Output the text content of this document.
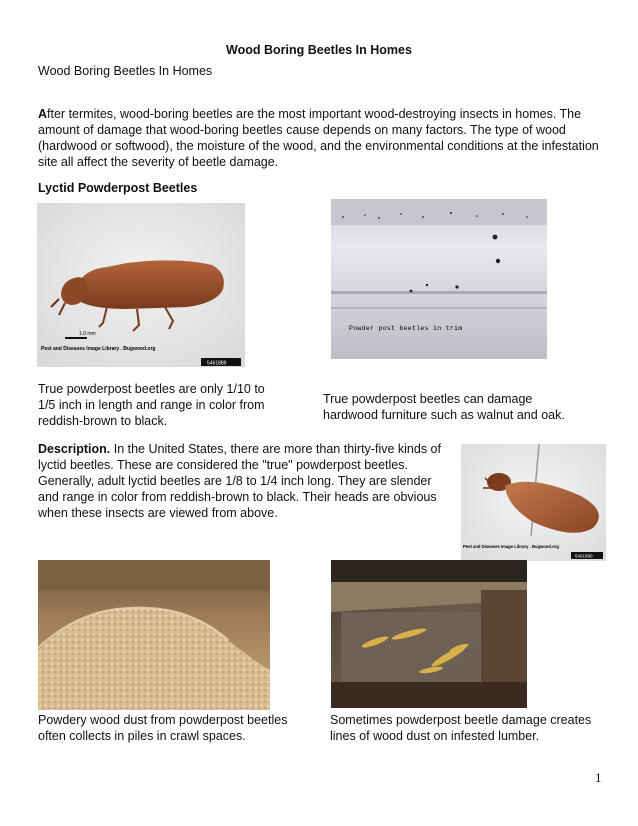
Wood Boring Beetles In Homes
Wood Boring Beetles In Homes
After termites, wood-boring beetles are the most important wood-destroying insects in homes. The amount of damage that wood-boring beetles cause depends on many factors. The type of wood (hardwood or softwood), the moisture of the wood, and the environmental conditions at the infestation site all affect the severity of beetle damage.
Lyctid Powderpost Beetles
1.0 mm
Pest and Diseases Image Library . Bugwood.org
5461889
True powderpost beetles are only 1/10 to 1/5 inch in length and range in color from reddish-brown to black.
Powder post beetles in trim
True powderpost beetles can damage hardwood furniture such as walnut and oak.
Description. In the United States, there are more than thirty-five kinds of lyctid beetles. These are considered the "true" powderpost beetles. Generally, adult lyctid beetles are 1/8 to 1/4 inch long. They are slender and range in color from reddish-brown to black. Their heads are obvious when these insects are viewed from above.
Pest and Diseases Image Library . Bugwood.org
5461890
Powdery wood dust from powderpost beetles often collects in piles in crawl spaces.
Sometimes powderpost beetle damage creates lines of wood dust on infested lumber.
1
